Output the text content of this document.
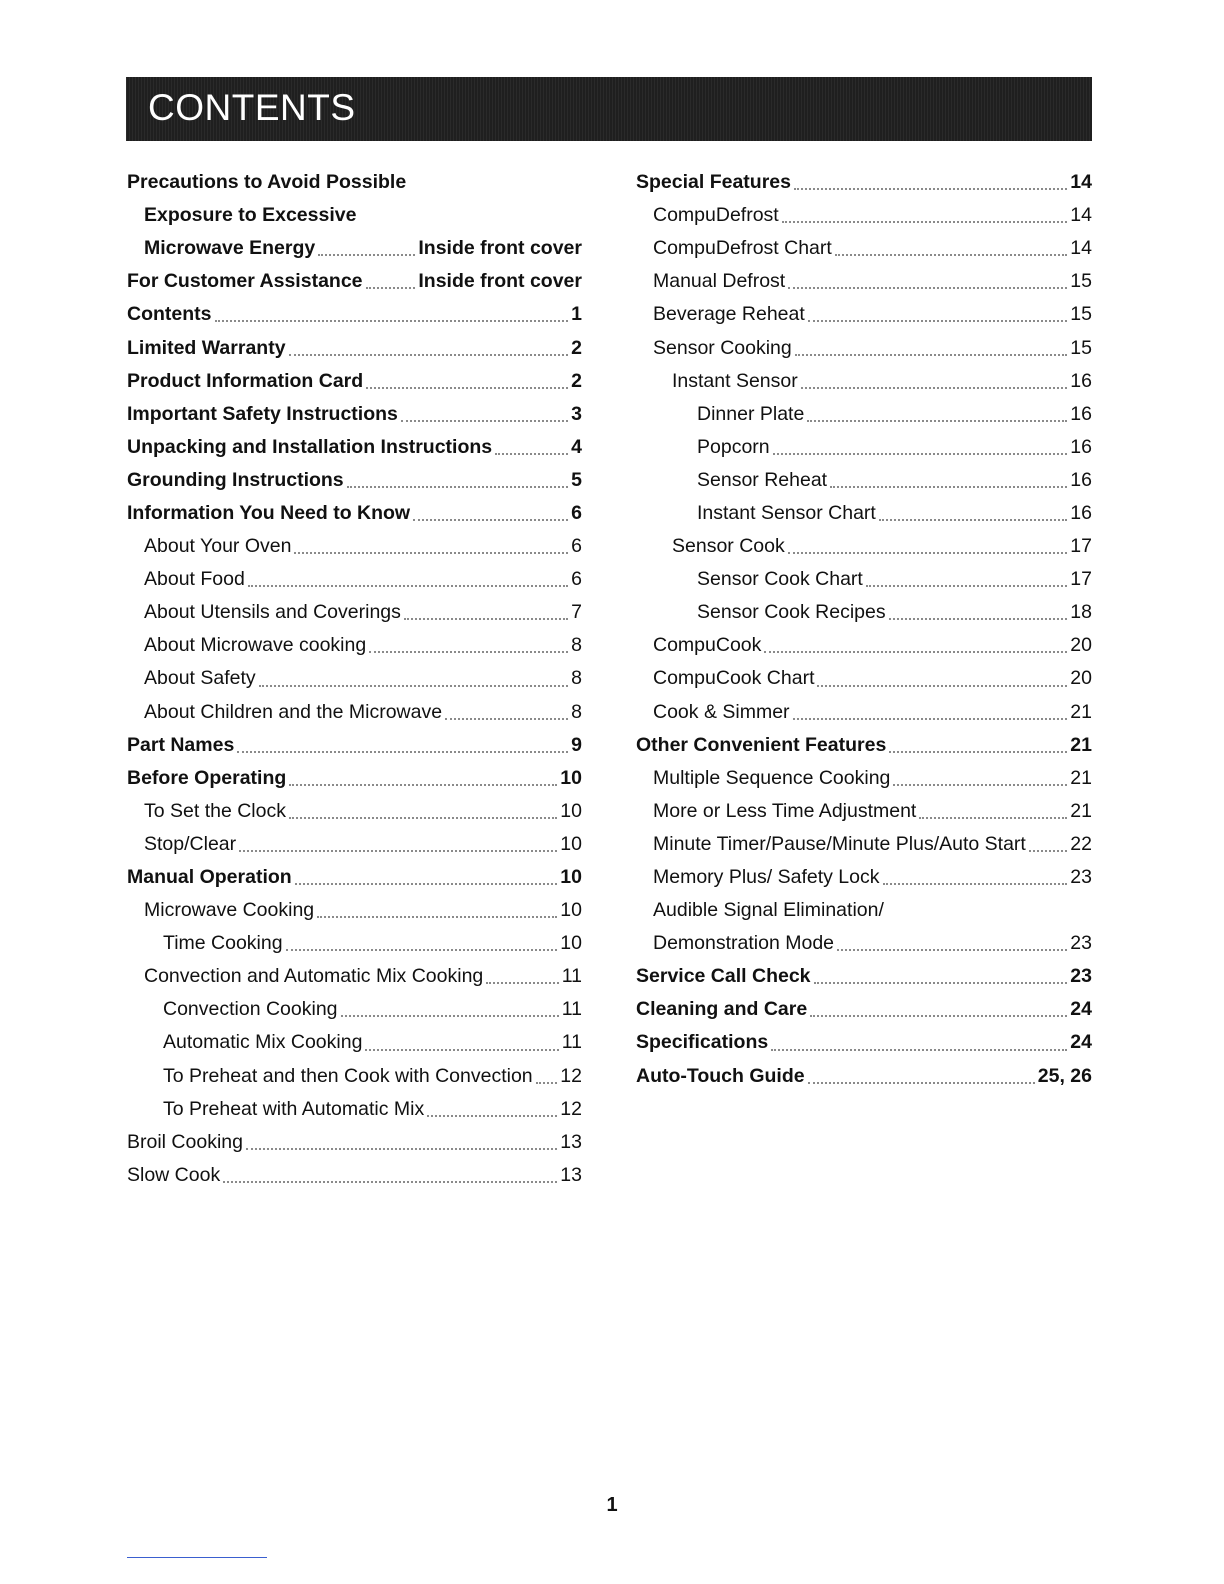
CONTENTS
Precautions to Avoid Possible
Exposure to Excessive
Microwave Energy	Inside front cover
For Customer Assistance	Inside front cover
Contents	1
Limited Warranty	2
Product Information Card	2
Important Safety Instructions	3
Unpacking and Installation Instructions	4
Grounding Instructions	5
Information You Need to Know	6
About Your Oven	6
About Food	6
About Utensils and Coverings	7
About Microwave cooking	8
About Safety	8
About Children and the Microwave	8
Part Names	9
Before Operating	10
To Set the Clock	10
Stop/Clear	10
Manual Operation	10
Microwave Cooking	10
Time Cooking	10
Convection and Automatic Mix Cooking	11
Convection Cooking	11
Automatic Mix Cooking	11
To Preheat and then Cook with Convection 12
To Preheat with Automatic Mix	12
Broil Cooking	13
Slow Cook	13
Special Features	14
CompuDefrost	14
CompuDefrost Chart	14
Manual Defrost	15
Beverage Reheat	15
Sensor Cooking	15
Instant Sensor	16
Dinner Plate	16
Popcorn	16
Sensor Reheat	16
Instant Sensor Chart	16
Sensor Cook	17
Sensor Cook Chart	17
Sensor Cook Recipes	18
CompuCook	20
CompuCook Chart	20
Cook & Simmer	21
Other Convenient Features	21
Multiple Sequence Cooking	21
More or Less Time Adjustment	21
Minute Timer/Pause/Minute Plus/Auto Start 22
Memory Plus/ Safety Lock	23
Audible Signal Elimination/
Demonstration Mode	23
Service Call Check	23
Cleaning and Care	24
Specifications	24
Auto-Touch Guide	25, 26
1
